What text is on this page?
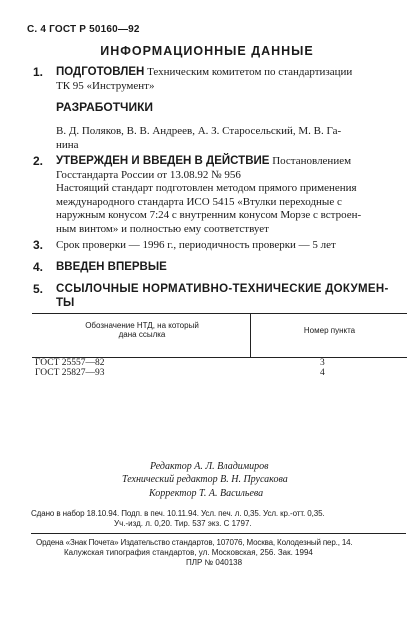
С. 4 ГОСТ Р 50160—92
ИНФОРМАЦИОННЫЕ ДАННЫЕ
1. ПОДГОТОВЛЕН Техническим комитетом по стандартизации
ТК 95 «Инструмент»
РАЗРАБОТЧИКИ
В. Д. Поляков, В. В. Андреев, А. З. Старосельский, М. В. Га-
нина
2. УТВЕРЖДЕН И ВВЕДЕН В ДЕЙСТВИЕ Постановлением
Госстандарта России от 13.08.92 № 956
Настоящий стандарт подготовлен методом прямого применения
международного стандарта ИСО 5415 «Втулки переходные с
наружным конусом 7:24 с внутренним конусом Морзе с встроен-
ным винтом» и полностью ему соответствует
3. Срок проверки — 1996 г., периодичность проверки — 5 лет
4. ВВЕДЕН ВПЕРВЫЕ
5. ССЫЛОЧНЫЕ НОРМАТИВНО-ТЕХНИЧЕСКИЕ ДОКУМЕН-
ТЫ
Обозначение НТД, на который
дана ссылка	Номер пункта
ГОСТ 25557—82	3
ГОСТ 25827—93	4
Редактор А. Л. Владимиров
Технический редактор В. Н. Прусакова
Корректор Т. А. Васильева
Сдано в набор 18.10.94. Подп. в печ. 10.11.94. Усл. печ. л. 0,35. Усл. кр.-отт. 0,35.
Уч.-изд. л. 0,20. Тир. 537 экз. С 1797.
Ордена «Знак Почета» Издательство стандартов, 107076, Москва, Колодезный пер., 14.
Калужская типография стандартов, ул. Московская, 256. Зак. 1994
ПЛР № 040138
